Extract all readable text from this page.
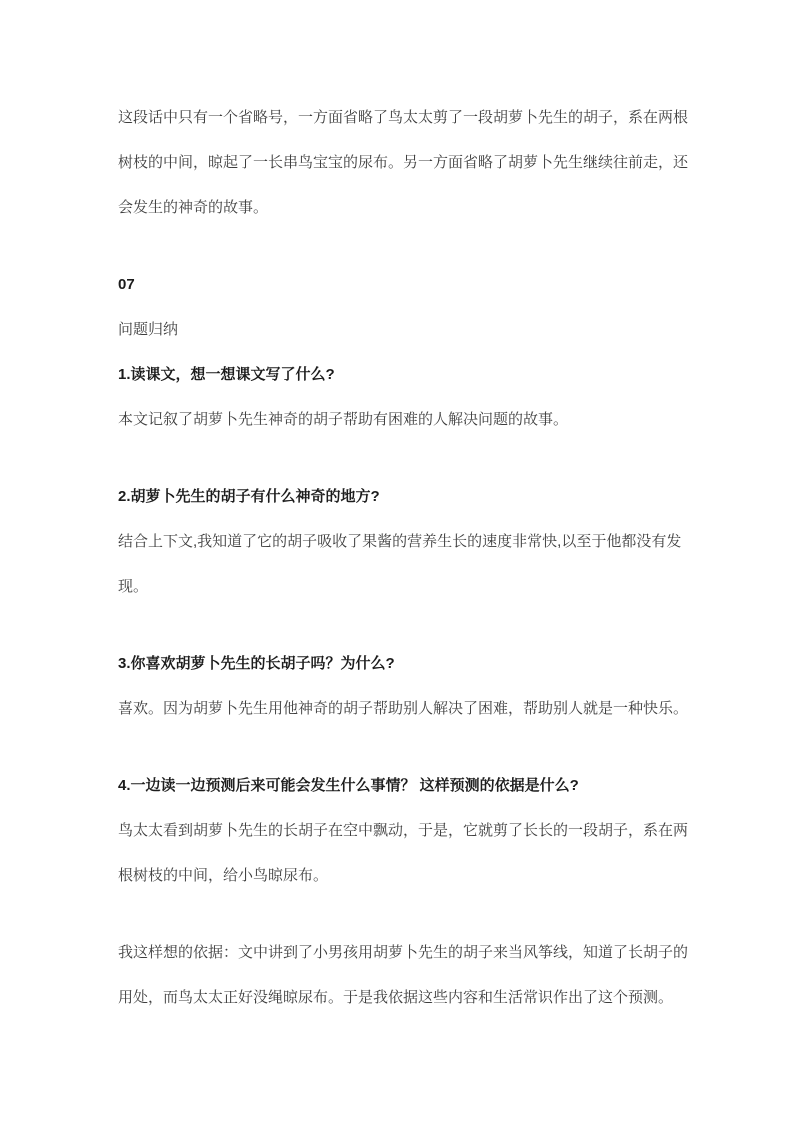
这段话中只有一个省略号，一方面省略了鸟太太剪了一段胡萝卜先生的胡子，系在两根
树枝的中间，晾起了一长串鸟宝宝的尿布。另一方面省略了胡萝卜先生继续往前走，还
会发生的神奇的故事。
07
问题归纳
1.读课文，想一想课文写了什么?
本文记叙了胡萝卜先生神奇的胡子帮助有困难的人解决问题的故事。
2.胡萝卜先生的胡子有什么神奇的地方?
结合上下文,我知道了它的胡子吸收了果酱的营养生长的速度非常快,以至于他都没有发
现。
3.你喜欢胡萝卜先生的长胡子吗？为什么?
喜欢。因为胡萝卜先生用他神奇的胡子帮助别人解决了困难，帮助别人就是一种快乐。
4.一边读一边预测后来可能会发生什么事情？ 这样预测的依据是什么?
鸟太太看到胡萝卜先生的长胡子在空中飘动，于是，它就剪了长长的一段胡子，系在两
根树枝的中间，给小鸟晾尿布。
我这样想的依据：文中讲到了小男孩用胡萝卜先生的胡子来当风筝线，知道了长胡子的
用处，而鸟太太正好没绳晾尿布。于是我依据这些内容和生活常识作出了这个预测。
